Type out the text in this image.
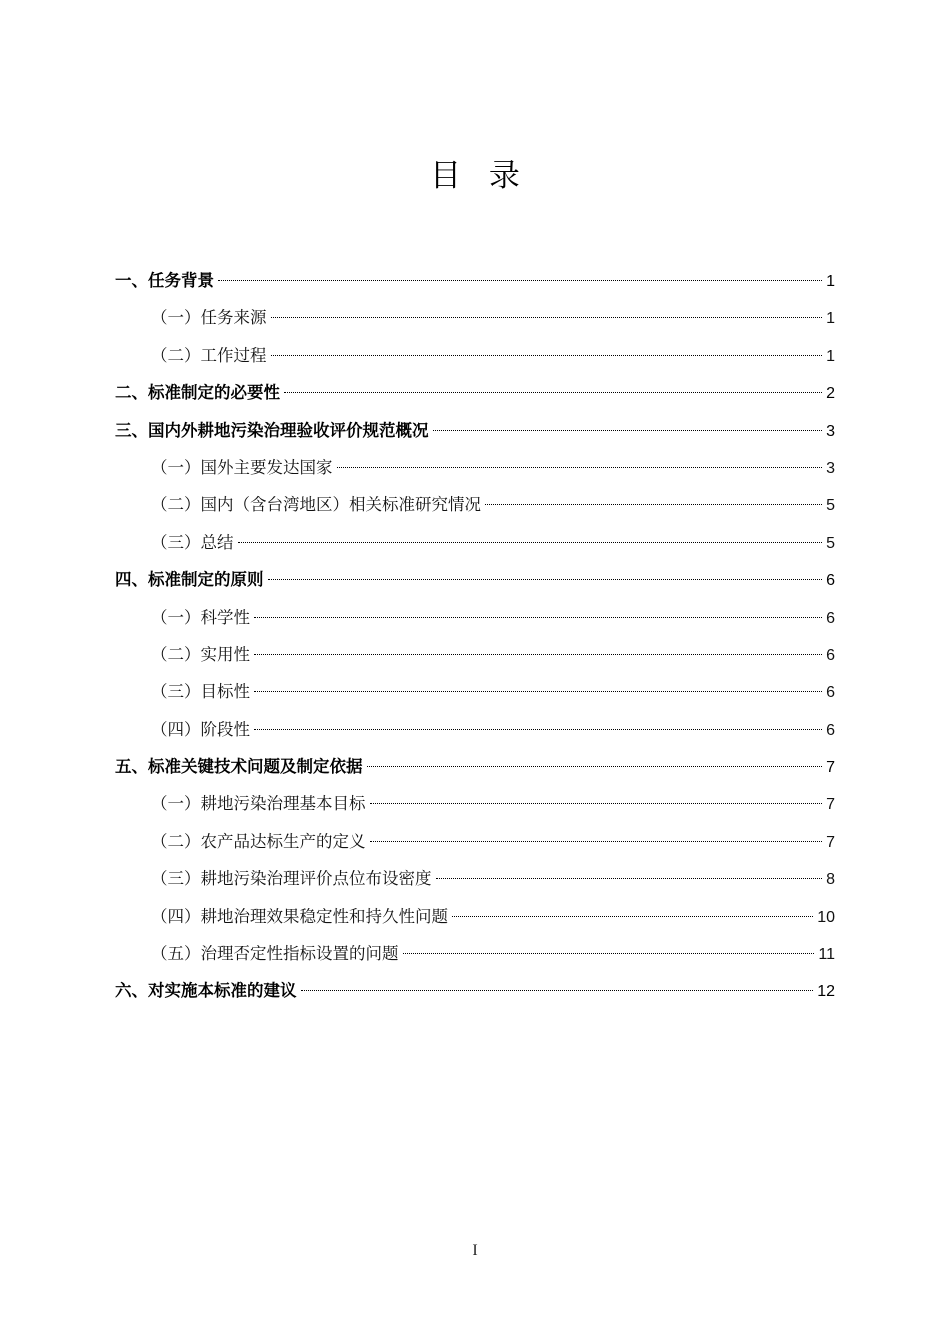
目录
一、任务背景	1
（一）任务来源	1
（二）工作过程	1
二、标准制定的必要性	2
三、国内外耕地污染治理验收评价规范概况	3
（一）国外主要发达国家	3
（二）国内（含台湾地区）相关标准研究情况	5
（三）总结	5
四、标准制定的原则	6
（一）科学性	6
（二）实用性	6
（三）目标性	6
（四）阶段性	6
五、标准关键技术问题及制定依据	7
（一）耕地污染治理基本目标	7
（二）农产品达标生产的定义	7
（三）耕地污染治理评价点位布设密度	8
（四）耕地治理效果稳定性和持久性问题	10
（五）治理否定性指标设置的问题	11
六、对实施本标准的建议	12
I
